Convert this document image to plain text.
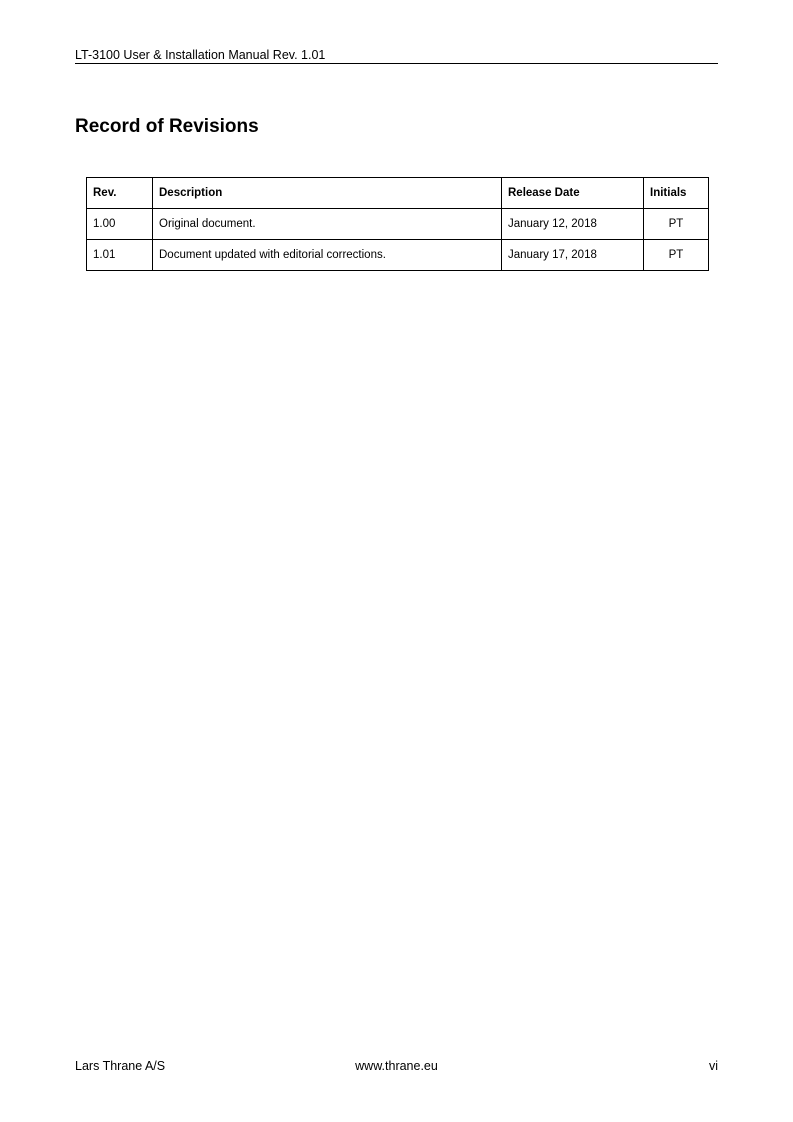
LT-3100 User & Installation Manual Rev. 1.01
Record of Revisions
Rev.	Description	Release Date	Initials
1.00	Original document.	January 12, 2018	PT
1.01	Document updated with editorial corrections.	January 17, 2018	PT
Lars Thrane A/S	www.thrane.eu	vi
